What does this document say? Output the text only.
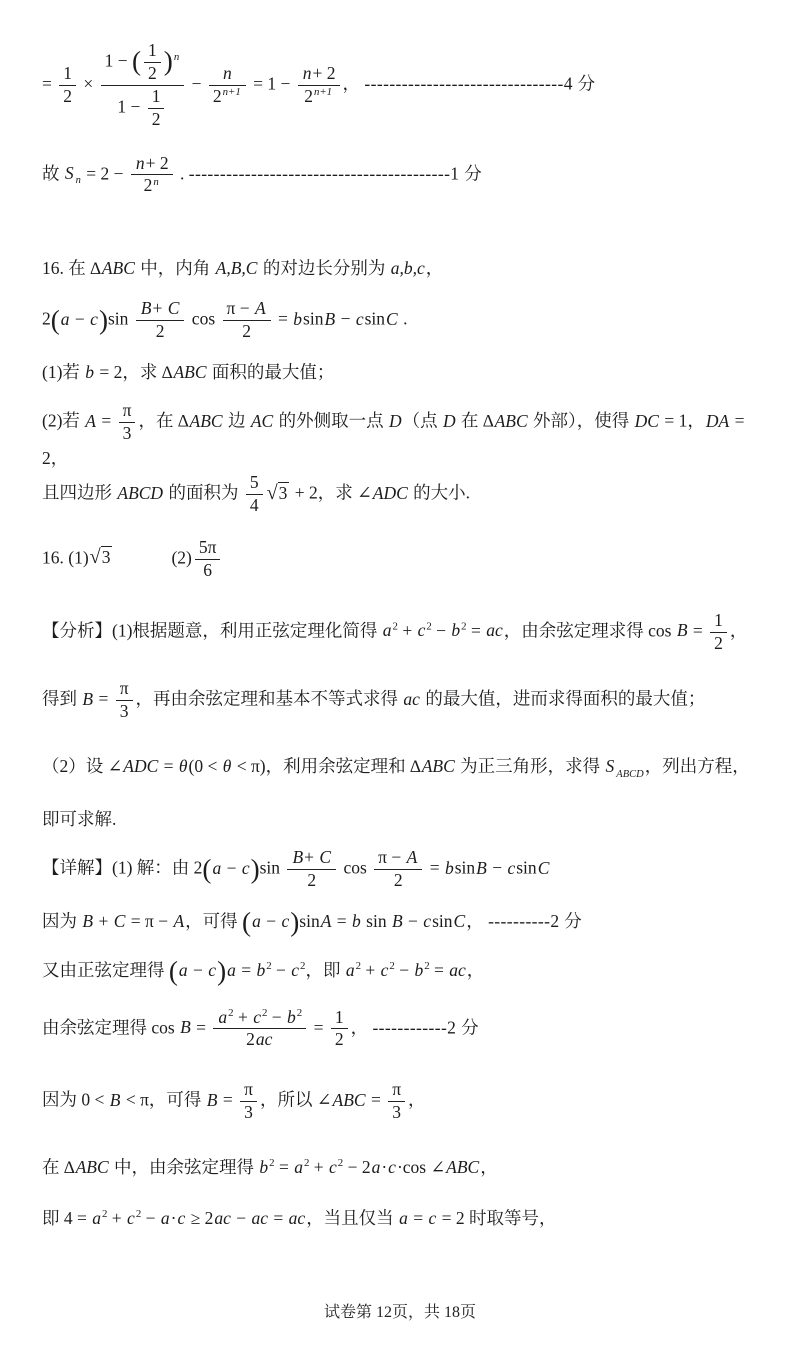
= $\frac{1}{2} \times \frac{1 - ( \frac{1}{2} )^n}{1 - \frac{1}{2}} - \frac{n}{2^{n+1}} = 1 - \frac{n+ 2}{2^{n+1}}$ ， --------------------------------4 分
故 S $_n = 2 - \frac{n+ 2}{2^n}$ . ------------------------------------------1 分
16. 在 ∆ABC 中，内角 A,B,C 的对边长分别为 a,b,c，
$2(a - c)\sin \frac{B+ C}{2}$ $\cos \frac{\pi - A}{2} = bsinB - csinC$ .
(1)若 b = 2，求 ∆ABC 面积的最大值；
(2)若 $A = \frac{\pi}{3}$ ，在 ∆ABC 边 AC 的外侧取一点 D（点 D 在 ∆ABC 外部），使得 DC = 1，DA = 2，
且四边形 ABCD 的面积为 $\frac{5}{4} √3 + 2$，求 ∠ADC 的大小.
16. (1)√3	$(2) \frac{5\pi}{6}$
【分析】(1)根据题意，利用正弦定理化简得 $a^2 + c^2 - b^2$ = ac，由余弦定理求得 $\cos B = \frac{1}{2}$ ，
得到 $B = \frac{\pi}{3}$ ，再由余弦定理和基本不等式求得 ac 的最大值，进而求得面积的最大值；
（2）设 ∠ADC = θ(0 < θ < π)，利用余弦定理和 ∆ABC 为正三角形，求得 S $_{ABCD}$，列出方程，
即可求解.
【详解】(1) 解：由 $2(a - c)\sin \frac{B+ C}{2}$ $\cos \frac{\pi - A}{2} = bsinB - csinC$
因为 B + C = π − A，可得 (a − c)sinA = b sin B − csinC， ----------2 分
又由正弦定理得 $(a - c)a = b^2 - c^2$，即 $a^2 + c^2 - b^2$ = ac，
由余弦定理得 $\cos B = \frac{a^2 + c^2 - b^2}{2ac} = \frac{1}{2}$ ， ------------2 分
因为 0 < B < π，可得 $B = \frac{\pi}{3}$ ，所以 ∠ABC = $\frac{\pi}{3}$ ，
在 ∆ABC 中，由余弦定理得 $b^2 = a^2 + c^2 - 2a\cdot c\cdot\cos$ ∠ABC，
即 $4 = a^2 + c^2 - a\cdot c \ge 2ac$ − ac = ac，当且仅当 a = c = 2 时取等号，
试卷第 12页，共 18页
